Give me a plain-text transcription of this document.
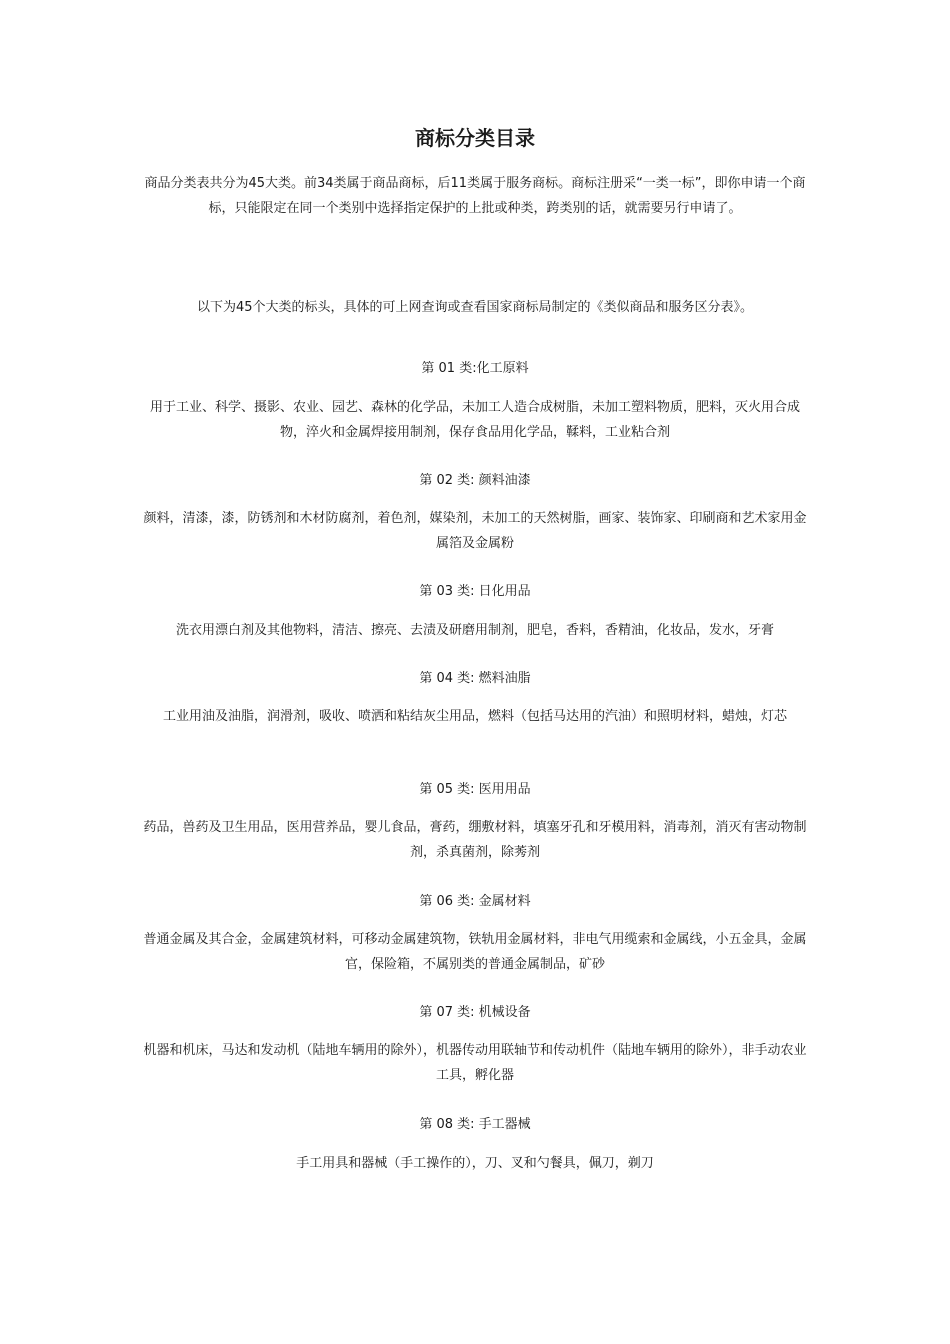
商标分类目录

商品分类表共分为45大类。前34类属于商品商标，后11类属于服务商标。商标注册采“一类一标”，即你申请一个商标，只能限定在同一个类别中选择指定保护的上批或种类，跨类别的话，就需要另行申请了。

以下为45个大类的标头，具体的可上网查询或查看国家商标局制定的《类似商品和服务区分表》。

第 01 类:化工原料

用于工业、科学、摄影、农业、园艺、森林的化学品，未加工人造合成树脂，未加工塑料物质，肥料，灭火用合成物，淬火和金属焊接用制剂，保存食品用化学品，鞣料，工业粘合剂

第 02 类: 颜料油漆

颜料，清漆，漆，防锈剂和木材防腐剂，着色剂，媒染剂，未加工的天然树脂，画家、装饰家、印刷商和艺术家用金属箔及金属粉

第 03 类: 日化用品

洗衣用漂白剂及其他物料，清洁、擦亮、去渍及研磨用制剂，肥皂，香料，香精油，化妆品，发水，牙膏

第 04 类: 燃料油脂

工业用油及油脂，润滑剂，吸收、喷洒和粘结灰尘用品，燃料（包括马达用的汽油）和照明材料，蜡烛，灯芯

第 05 类: 医用用品

药品，兽药及卫生用品，医用营养品，婴儿食品，膏药，绷敷材料，填塞牙孔和牙模用料，消毒剂，消灭有害动物制剂，杀真菌剂，除莠剂

第 06 类: 金属材料

普通金属及其合金，金属建筑材料，可移动金属建筑物，铁轨用金属材料，非电气用缆索和金属线，小五金具，金属官，保险箱，不属别类的普通金属制品，矿砂

第 07 类: 机械设备

机器和机床，马达和发动机（陆地车辆用的除外），机器传动用联轴节和传动机件（陆地车辆用的除外），非手动农业工具，孵化器

第 08 类: 手工器械

手工用具和器械（手工操作的），刀、叉和勺餐具，佩刀，剃刀
